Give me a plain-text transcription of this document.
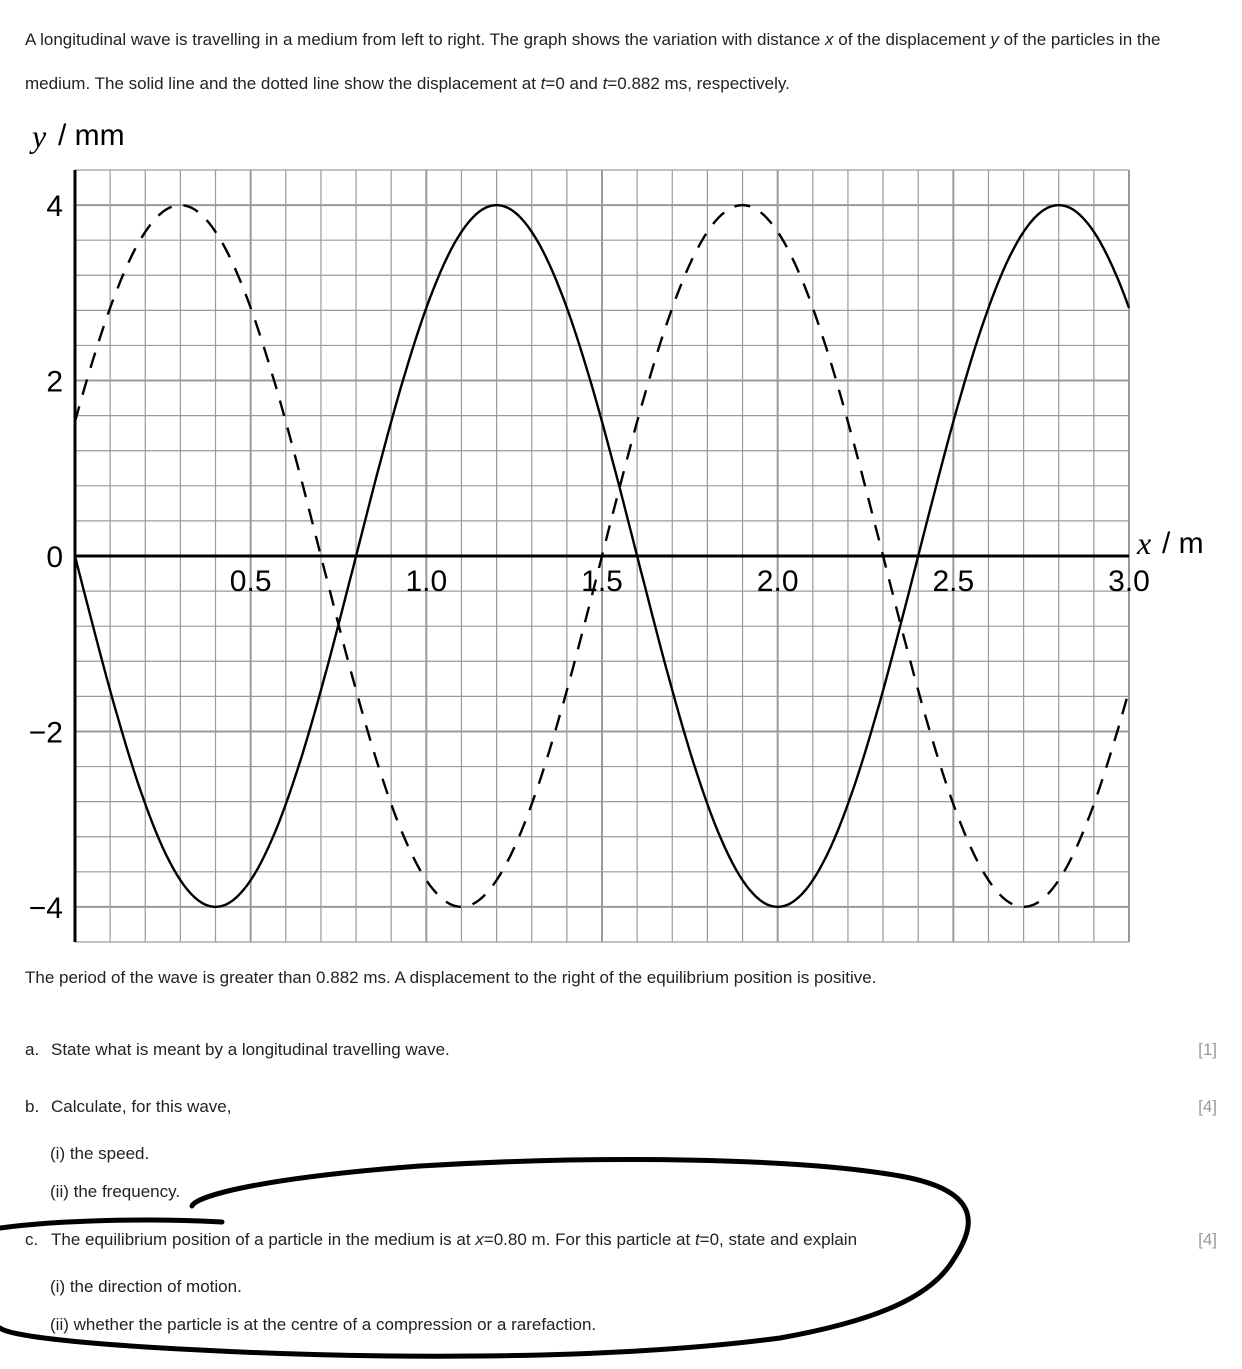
A longitudinal wave is travelling in a medium from left to right. The graph shows the variation with distance x of the displacement y of the particles in the medium. The solid line and the dotted line show the displacement at t=0 and t=0.882 ms, respectively.
4
2
0
−2
−4
0.5	1.0	1.5	2.0	2.5	3.0
y / mm
x / m
The period of the wave is greater than 0.882 ms. A displacement to the right of the equilibrium position is positive.
a. State what is meant by a longitudinal travelling wave.	[1]
b. Calculate, for this wave,	[4]
(i) the speed.
(ii) the frequency.
c. The equilibrium position of a particle in the medium is at x=0.80 m. For this particle at t=0, state and explain	[4]
(i) the direction of motion.
(ii) whether the particle is at the centre of a compression or a rarefaction.
